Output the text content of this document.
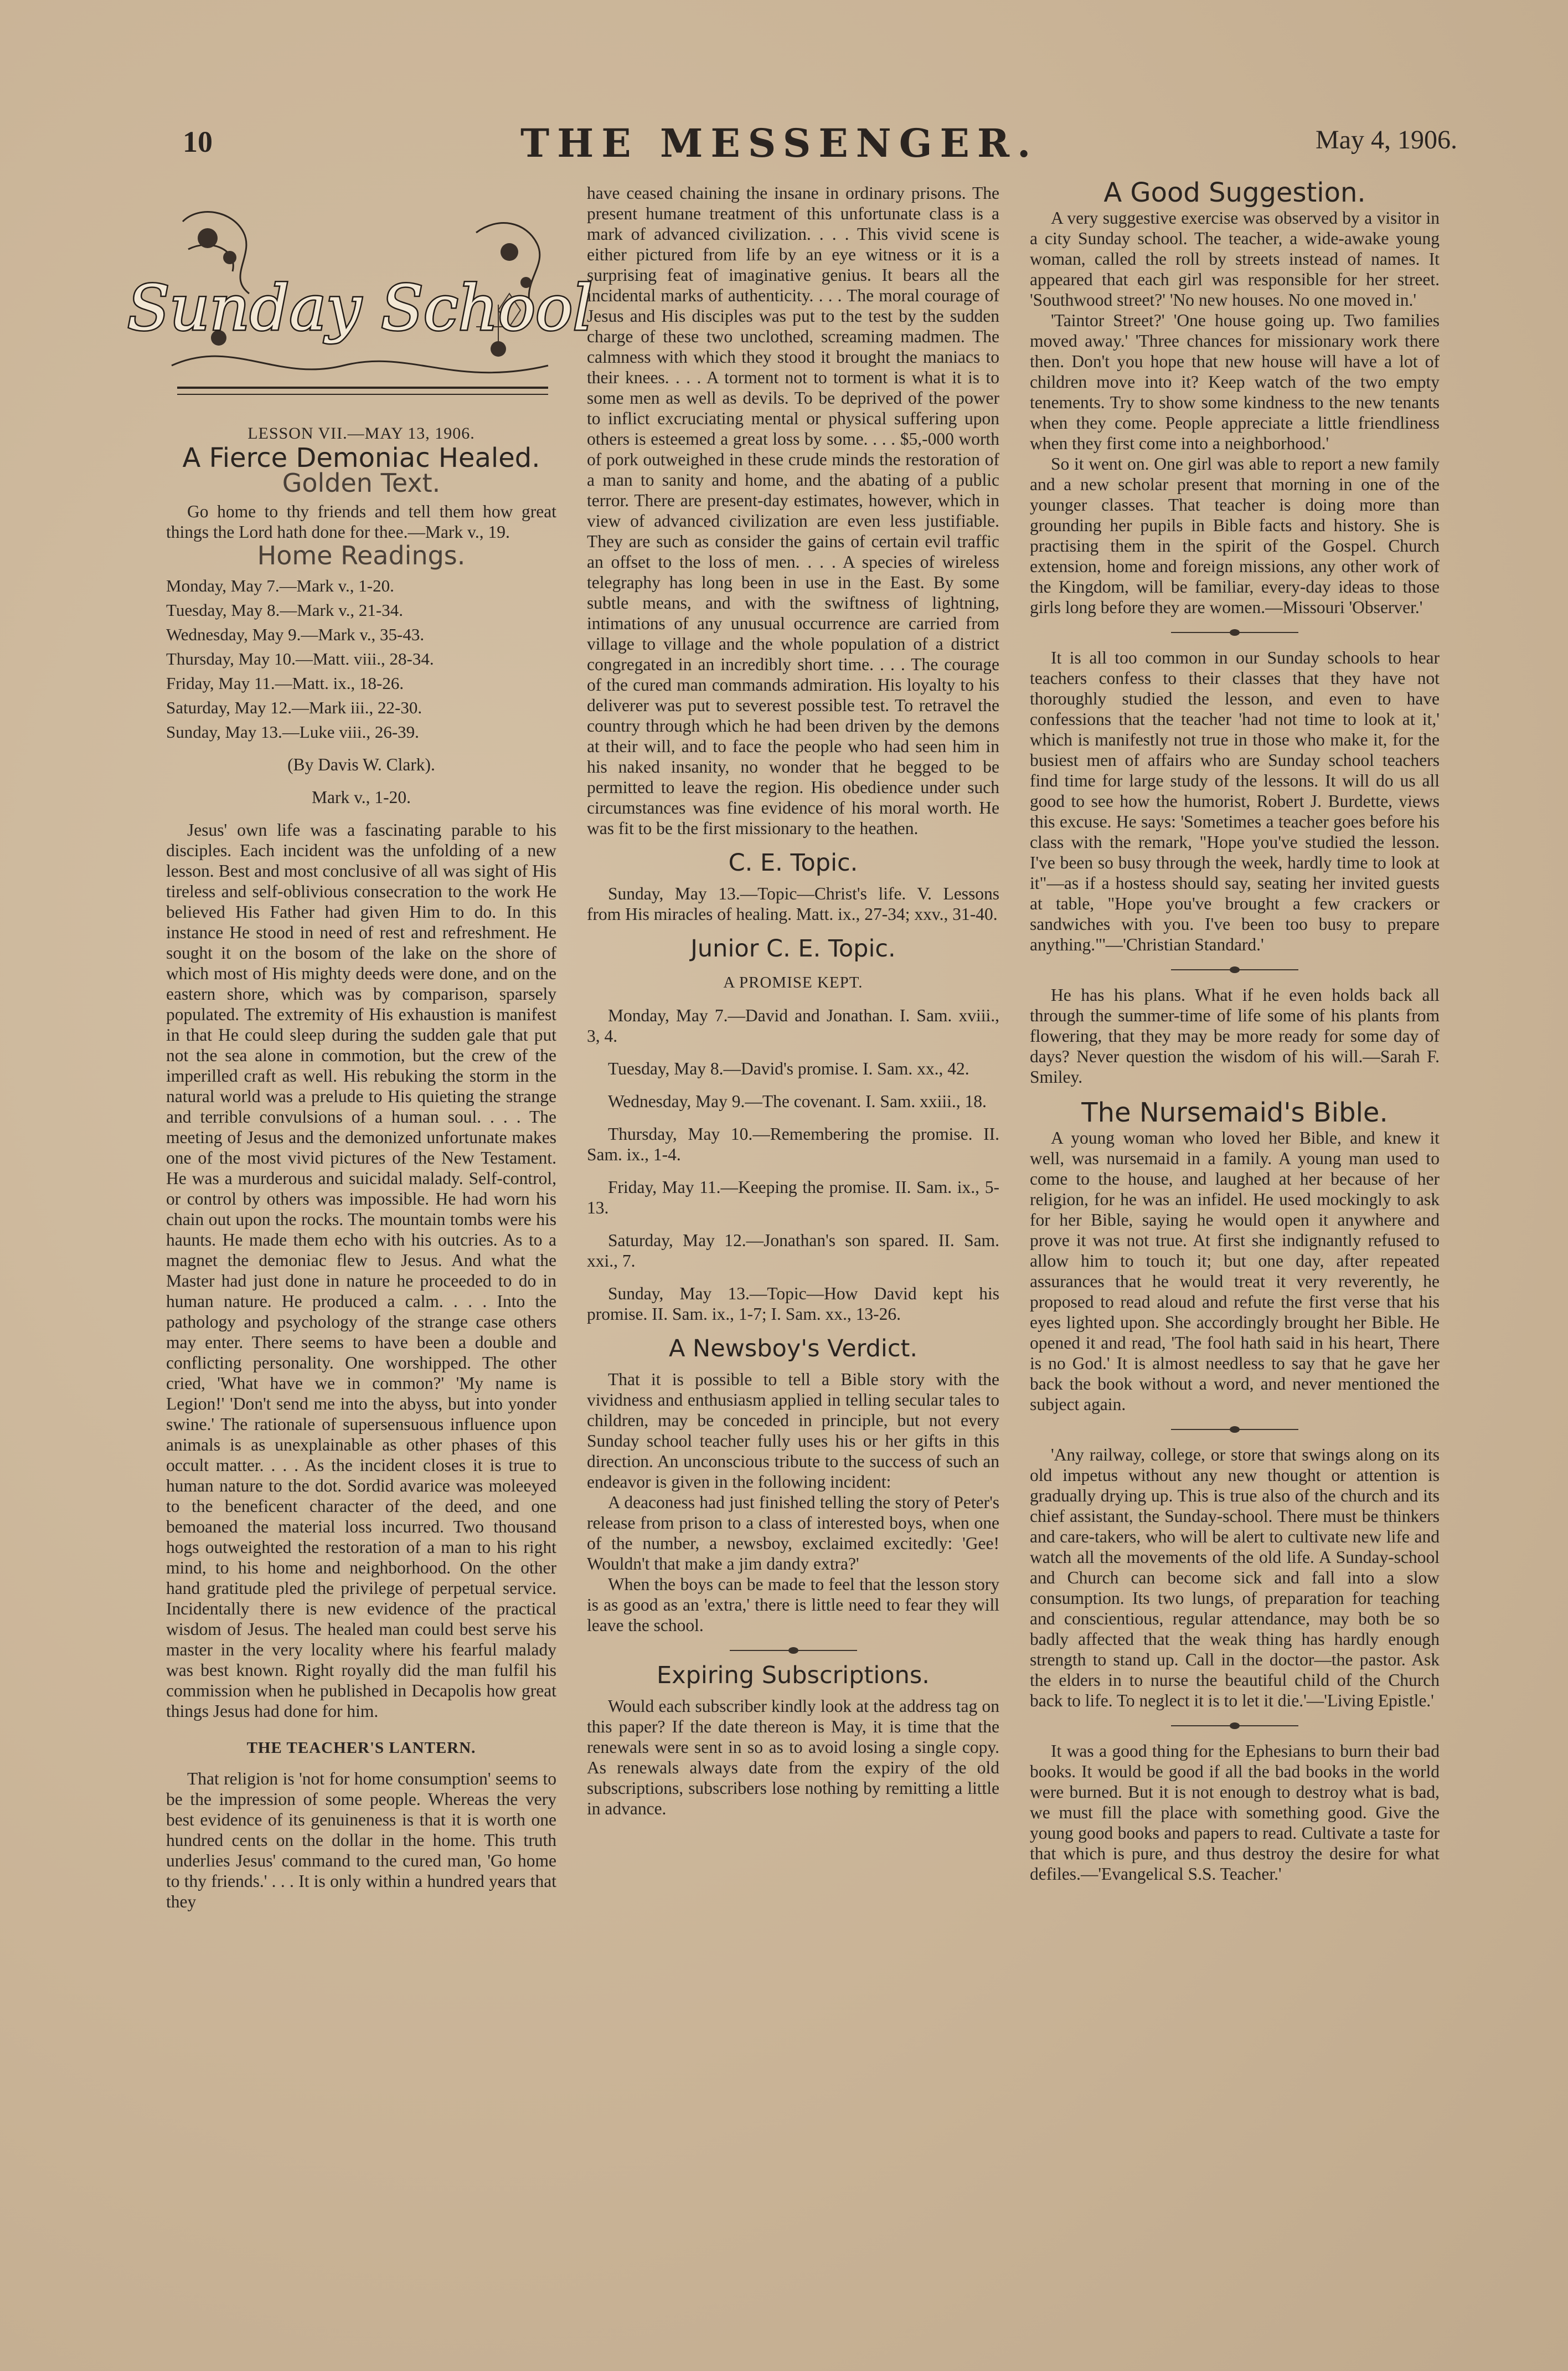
10	THE MESSENGER.	May 4, 1906.
Sunday School
LESSON VII.—MAY 13, 1906.
A Fierce Demoniac Healed.
Golden Text.

Go home to thy friends and tell them how great things the Lord hath done for thee.—Mark v., 19.

Home Readings.
Monday, May 7.—Mark v., 1-20.
Tuesday, May 8.—Mark v., 21-34.
Wednesday, May 9.—Mark v., 35-43.
Thursday, May 10.—Matt. viii., 28-34.
Friday, May 11.—Matt. ix., 18-26.
Saturday, May 12.—Mark iii., 22-30.
Sunday, May 13.—Luke viii., 26-39.
(By Davis W. Clark).
Mark v., 1-20.

Jesus' own life was a fascinating parable to his disciples. Each incident was the unfolding of a new lesson. Best and most conclusive of all was sight of His tireless and self-oblivious consecration to the work He believed His Father had given Him to do. In this instance He stood in need of rest and refreshment. He sought it on the bosom of the lake on the shore of which most of His mighty deeds were done, and on the eastern shore, which was by comparison, sparsely populated. The extremity of His exhaustion is manifest in that He could sleep during the sudden gale that put not the sea alone in commotion, but the crew of the imperilled craft as well. His rebuking the storm in the natural world was a prelude to His quieting the strange and terrible convulsions of a human soul. . . . The meeting of Jesus and the demonized unfortunate makes one of the most vivid pictures of the New Testament. He was a murderous and suicidal malady. Self-control, or control by others was impossible. He had worn his chain out upon the rocks. The mountain tombs were his haunts. He made them echo with his outcries. As to a magnet the demoniac flew to Jesus. And what the Master had just done in nature he proceeded to do in human nature. He produced a calm. . . . Into the pathology and psychology of the strange case others may enter. There seems to have been a double and conflicting personality. One worshipped. The other cried, 'What have we in common?' 'My name is Legion!' 'Don't send me into the abyss, but into yonder swine.' The rationale of supersensuous influence upon animals is as unexplainable as other phases of this occult matter. . . . As the incident closes it is true to human nature to the dot. Sordid avarice was moleeyed to the beneficent character of the deed, and one bemoaned the material loss incurred. Two thousand hogs outweighted the restoration of a man to his right mind, to his home and neighborhood. On the other hand gratitude pled the privilege of perpetual service. Incidentally there is new evidence of the practical wisdom of Jesus. The healed man could best serve his master in the very locality where his fearful malady was best known. Right royally did the man fulfil his commission when he published in Decapolis how great things Jesus had done for him.

THE TEACHER'S LANTERN.

That religion is 'not for home consumption' seems to be the impression of some people. Whereas the very best evidence of its genuineness is that it is worth one hundred cents on the dollar in the home. This truth underlies Jesus' command to the cured man, 'Go home to thy friends.' . . . It is only within a hundred years that they

have ceased chaining the insane in ordinary prisons. The present humane treatment of this unfortunate class is a mark of advanced civilization. . . . This vivid scene is either pictured from life by an eye witness or it is a surprising feat of imaginative genius. It bears all the incidental marks of authenticity. . . . The moral courage of Jesus and His disciples was put to the test by the sudden charge of these two unclothed, screaming madmen. The calmness with which they stood it brought the maniacs to their knees. . . . A torment not to torment is what it is to some men as well as devils. To be deprived of the power to inflict excruciating mental or physical suffering upon others is esteemed a great loss by some. . . . $5,-000 worth of pork outweighed in these crude minds the restoration of a man to sanity and home, and the abating of a public terror. There are present-day estimates, however, which in view of advanced civilization are even less justifiable. They are such as consider the gains of certain evil traffic an offset to the loss of men. . . . A species of wireless telegraphy has long been in use in the East. By some subtle means, and with the swiftness of lightning, intimations of any unusual occurrence are carried from village to village and the whole population of a district congregated in an incredibly short time. . . . The courage of the cured man commands admiration. His loyalty to his deliverer was put to severest possible test. To retravel the country through which he had been driven by the demons at their will, and to face the people who had seen him in his naked insanity, no wonder that he begged to be permitted to leave the region. His obedience under such circumstances was fine evidence of his moral worth. He was fit to be the first missionary to the heathen.

C. E. Topic.

Sunday, May 13.—Topic—Christ's life. V. Lessons from His miracles of healing. Matt. ix., 27-34; xxv., 31-40.

Junior C. E. Topic.
A PROMISE KEPT.

Monday, May 7.—David and Jonathan. I. Sam. xviii., 3, 4.

Tuesday, May 8.—David's promise. I. Sam. xx., 42.

Wednesday, May 9.—The covenant. I. Sam. xxiii., 18.

Thursday, May 10.—Remembering the promise. II. Sam. ix., 1-4.

Friday, May 11.—Keeping the promise. II. Sam. ix., 5-13.

Saturday, May 12.—Jonathan's son spared. II. Sam. xxi., 7.

Sunday, May 13.—Topic—How David kept his promise. II. Sam. ix., 1-7; I. Sam. xx., 13-26.

A Newsboy's Verdict.

That it is possible to tell a Bible story with the vividness and enthusiasm applied in telling secular tales to children, may be conceded in principle, but not every Sunday school teacher fully uses his or her gifts in this direction. An unconscious tribute to the success of such an endeavor is given in the following incident:

A deaconess had just finished telling the story of Peter's release from prison to a class of interested boys, when one of the number, a newsboy, exclaimed excitedly: 'Gee! Wouldn't that make a jim dandy extra?'

When the boys can be made to feel that the lesson story is as good as an 'extra,' there is little need to fear they will leave the school.

Expiring Subscriptions.

Would each subscriber kindly look at the address tag on this paper? If the date thereon is May, it is time that the renewals were sent in so as to avoid losing a single copy. As renewals always date from the expiry of the old subscriptions, subscribers lose nothing by remitting a little in advance.

A Good Suggestion.

A very suggestive exercise was observed by a visitor in a city Sunday school. The teacher, a wide-awake young woman, called the roll by streets instead of names. It appeared that each girl was responsible for her street. 'Southwood street?' 'No new houses. No one moved in.'

'Taintor Street?' 'One house going up. Two families moved away.' 'Three chances for missionary work there then. Don't you hope that new house will have a lot of children move into it? Keep watch of the two empty tenements. Try to show some kindness to the new tenants when they come. People appreciate a little friendliness when they first come into a neighborhood.'

So it went on. One girl was able to report a new family and a new scholar present that morning in one of the younger classes. That teacher is doing more than grounding her pupils in Bible facts and history. She is practising them in the spirit of the Gospel. Church extension, home and foreign missions, any other work of the Kingdom, will be familiar, every-day ideas to those girls long before they are women.—Missouri 'Observer.'

It is all too common in our Sunday schools to hear teachers confess to their classes that they have not thoroughly studied the lesson, and even to have confessions that the teacher 'had not time to look at it,' which is manifestly not true in those who make it, for the busiest men of affairs who are Sunday school teachers find time for large study of the lessons. It will do us all good to see how the humorist, Robert J. Burdette, views this excuse. He says: 'Sometimes a teacher goes before his class with the remark, "Hope you've studied the lesson. I've been so busy through the week, hardly time to look at it"—as if a hostess should say, seating her invited guests at table, "Hope you've brought a few crackers or sandwiches with you. I've been too busy to prepare anything."'—'Christian Standard.'

He has his plans. What if he even holds back all through the summer-time of life some of his plants from flowering, that they may be more ready for some day of days? Never question the wisdom of his will.—Sarah F. Smiley.

The Nursemaid's Bible.

A young woman who loved her Bible, and knew it well, was nursemaid in a family. A young man used to come to the house, and laughed at her because of her religion, for he was an infidel. He used mockingly to ask for her Bible, saying he would open it anywhere and prove it was not true. At first she indignantly refused to allow him to touch it; but one day, after repeated assurances that he would treat it very reverently, he proposed to read aloud and refute the first verse that his eyes lighted upon. She accordingly brought her Bible. He opened it and read, 'The fool hath said in his heart, There is no God.' It is almost needless to say that he gave her back the book without a word, and never mentioned the subject again.

'Any railway, college, or store that swings along on its old impetus without any new thought or attention is gradually drying up. This is true also of the church and its chief assistant, the Sunday-school. There must be thinkers and care-takers, who will be alert to cultivate new life and watch all the movements of the old life. A Sunday-school and Church can become sick and fall into a slow consumption. Its two lungs, of preparation for teaching and conscientious, regular attendance, may both be so badly affected that the weak thing has hardly enough strength to stand up. Call in the doctor—the pastor. Ask the elders in to nurse the beautiful child of the Church back to life. To neglect it is to let it die.'—'Living Epistle.'

It was a good thing for the Ephesians to burn their bad books. It would be good if all the bad books in the world were burned. But it is not enough to destroy what is bad, we must fill the place with something good. Give the young good books and papers to read. Cultivate a taste for that which is pure, and thus destroy the desire for what defiles.—'Evangelical S.S. Teacher.'
